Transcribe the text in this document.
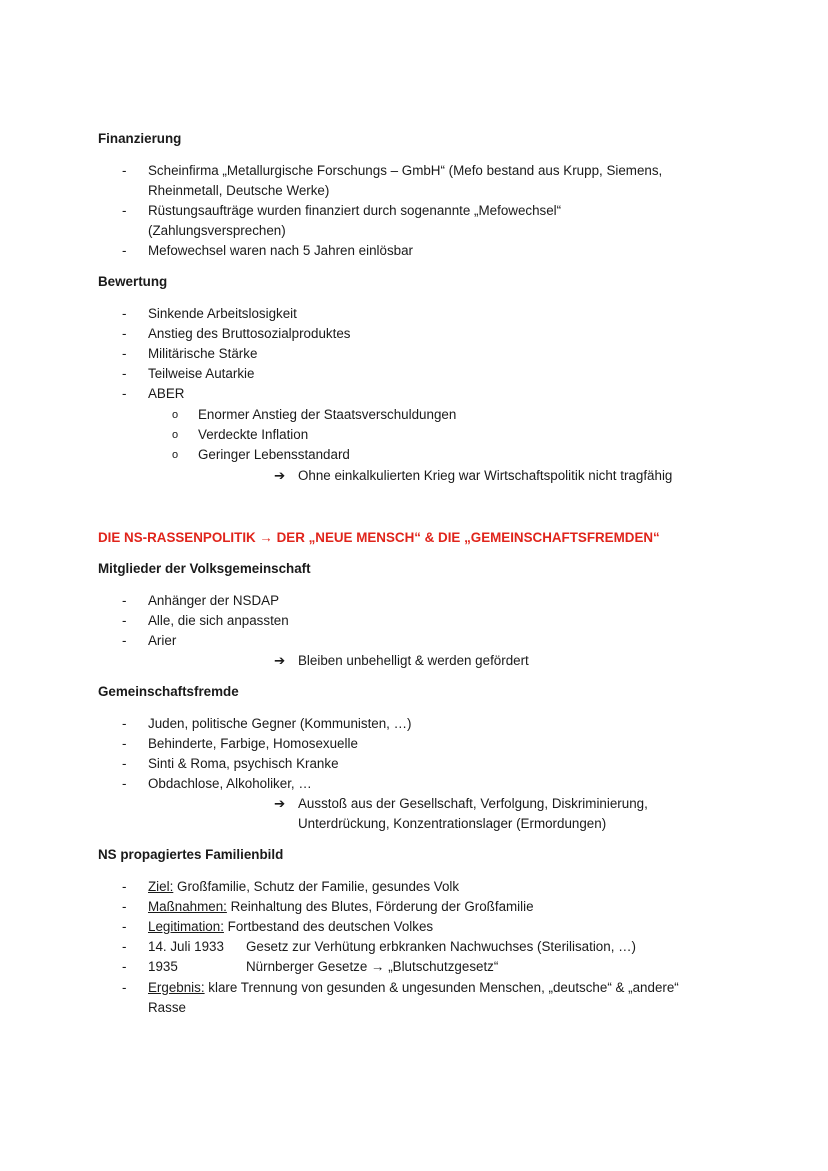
Finanzierung
- Scheinfirma „Metallurgische Forschungs – GmbH“ (Mefo bestand aus Krupp, Siemens,
Rheinmetall, Deutsche Werke)
- Rüstungsaufträge wurden finanziert durch sogenannte „Mefowechsel“
(Zahlungsversprechen)
- Mefowechsel waren nach 5 Jahren einlösbar
Bewertung
- Sinkende Arbeitslosigkeit
- Anstieg des Bruttosozialproduktes
- Militärische Stärke
- Teilweise Autarkie
- ABER
o Enormer Anstieg der Staatsverschuldungen
o Verdeckte Inflation
o Geringer Lebensstandard
➔ Ohne einkalkulierten Krieg war Wirtschaftspolitik nicht tragfähig
DIE NS-RASSENPOLITIK → DER „NEUE MENSCH“ & DIE „GEMEINSCHAFTSFREMDEN“
Mitglieder der Volksgemeinschaft
- Anhänger der NSDAP
- Alle, die sich anpassten
- Arier
➔ Bleiben unbehelligt & werden gefördert
Gemeinschaftsfremde
- Juden, politische Gegner (Kommunisten, …)
- Behinderte, Farbige, Homosexuelle
- Sinti & Roma, psychisch Kranke
- Obdachlose, Alkoholiker, …
➔ Ausstoß aus der Gesellschaft, Verfolgung, Diskriminierung,
Unterdrückung, Konzentrationslager (Ermordungen)
NS propagiertes Familienbild
- Ziel: Großfamilie, Schutz der Familie, gesundes Volk
- Maßnahmen: Reinhaltung des Blutes, Förderung der Großfamilie
- Legitimation: Fortbestand des deutschen Volkes
- 14. Juli 1933 Gesetz zur Verhütung erbkranken Nachwuchses (Sterilisation, …)
- 1935	Nürnberger Gesetze → „Blutschutzgesetz“
- Ergebnis: klare Trennung von gesunden & ungesunden Menschen, „deutsche“ & „andere“
Rasse
